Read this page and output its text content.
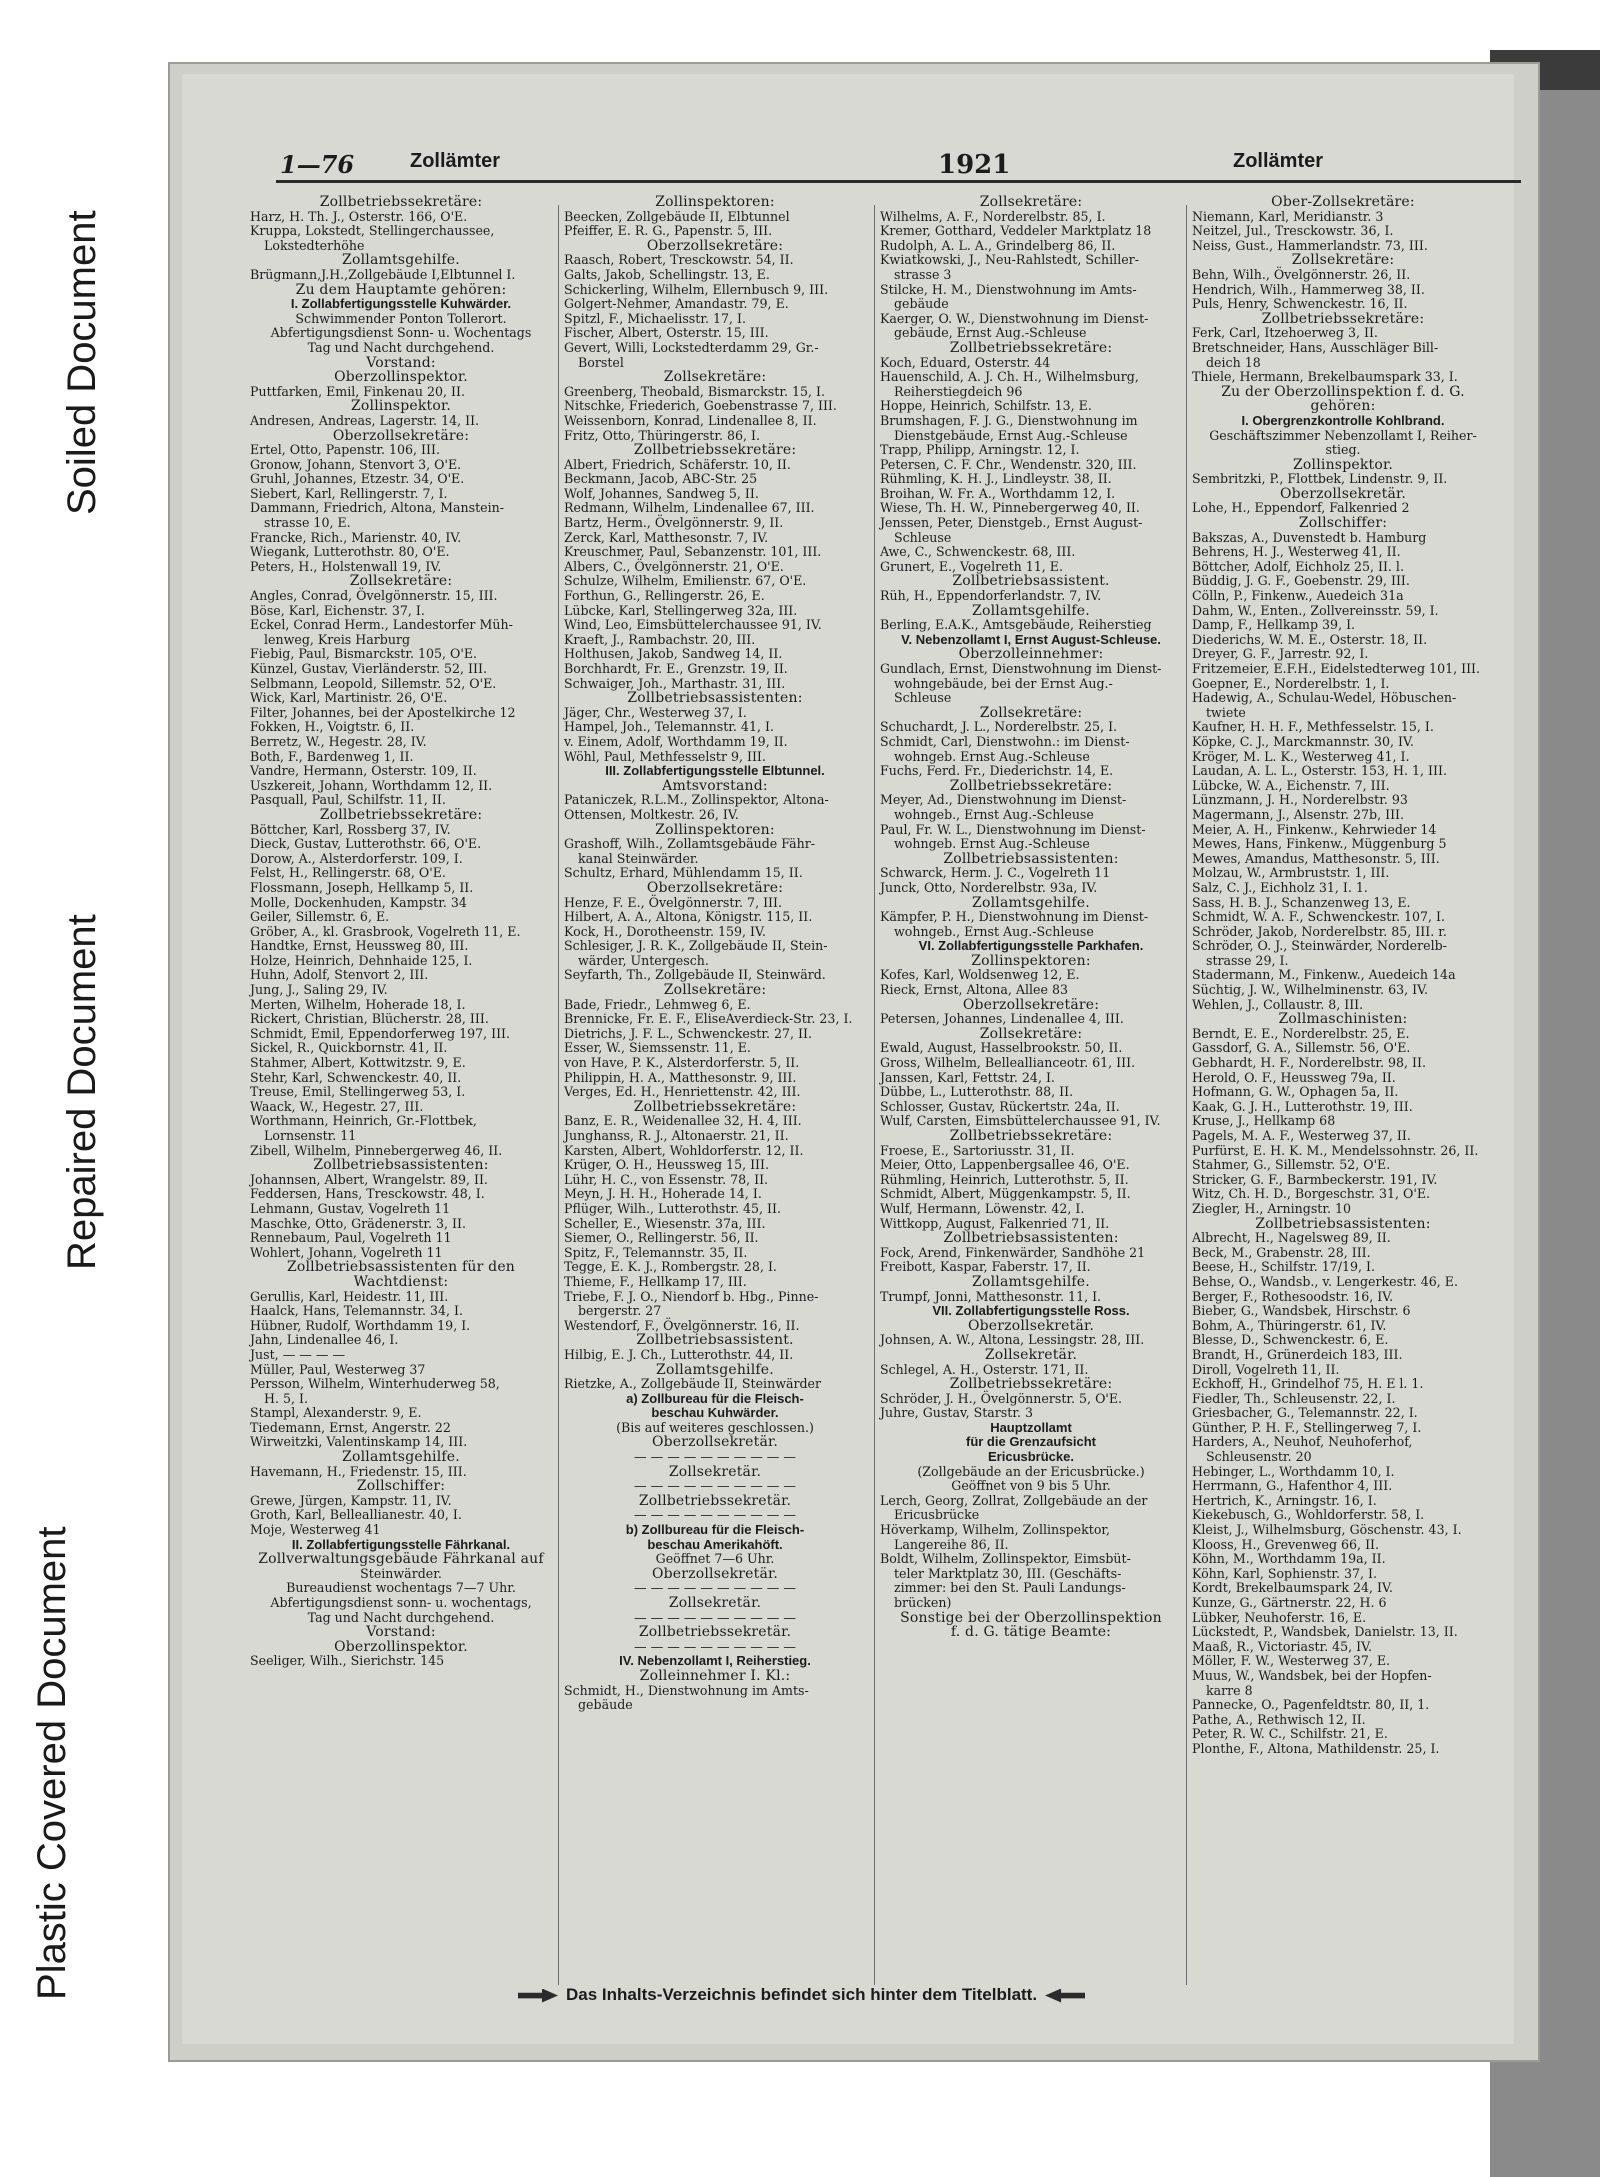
Soiled Document
Repaired Document
Plastic Covered Document
1—76	Zollämter	1921	Zollämter

Zollbetriebssekretäre:

Harz, H. Th. J., Osterstr. 166, O'E.

Kruppa, Lokstedt, Stellingerchaussee,

Lokstedterhöhe

Zollamtsgehilfe.

Brügmann,J.H.,Zollgebäude I,Elbtunnel I.

Zu dem Hauptamte gehören:

I. Zollabfertigungsstelle Kuhwärder.

Schwimmender Ponton Tollerort.

Abfertigungsdienst Sonn- u. Wochentags

Tag und Nacht durchgehend.

Vorstand:

Oberzollinspektor.

Puttfarken, Emil, Finkenau 20, II.

Zollinspektor.

Andresen, Andreas, Lagerstr. 14, II.

Oberzollsekretäre:

Ertel, Otto, Papenstr. 106, III.

Gronow, Johann, Stenvort 3, O'E.

Gruhl, Johannes, Etzestr. 34, O'E.

Siebert, Karl, Rellingerstr. 7, I.

Dammann, Friedrich, Altona, Manstein-

strasse 10, E.

Francke, Rich., Marienstr. 40, IV.

Wiegank, Lutterothstr. 80, O'E.

Peters, H., Holstenwall 19, IV.

Zollsekretäre:

Angles, Conrad, Övelgönnerstr. 15, III.

Böse, Karl, Eichenstr. 37, I.

Eckel, Conrad Herm., Landestorfer Müh-

lenweg, Kreis Harburg

Fiebig, Paul, Bismarckstr. 105, O'E.

Künzel, Gustav, Vierländerstr. 52, III.

Selbmann, Leopold, Sillemstr. 52, O'E.

Wick, Karl, Martinistr. 26, O'E.

Filter, Johannes, bei der Apostelkirche 12

Fokken, H., Voigtstr. 6, II.

Berretz, W., Hegestr. 28, IV.

Both, F., Bardenweg 1, II.

Vandre, Hermann, Osterstr. 109, II.

Uszkereit, Johann, Worthdamm 12, II.

Pasquall, Paul, Schilfstr. 11, II.

Zollbetriebssekretäre:

Böttcher, Karl, Rossberg 37, IV.

Dieck, Gustav, Lutterothstr. 66, O'E.

Dorow, A., Alsterdorferstr. 109, I.

Felst, H., Rellingerstr. 68, O'E.

Flossmann, Joseph, Hellkamp 5, II.

Molle, Dockenhuden, Kampstr. 34

Geiler, Sillemstr. 6, E.

Gröber, A., kl. Grasbrook, Vogelreth 11, E.

Handtke, Ernst, Heussweg 80, III.

Holze, Heinrich, Dehnhaide 125, I.

Huhn, Adolf, Stenvort 2, III.

Jung, J., Saling 29, IV.

Merten, Wilhelm, Hoherade 18, I.

Rickert, Christian, Blücherstr. 28, III.

Schmidt, Emil, Eppendorferweg 197, III.

Sickel, R., Quickbornstr. 41, II.

Stahmer, Albert, Kottwitzstr. 9, E.

Stehr, Karl, Schwenckestr. 40, II.

Treuse, Emil, Stellingerweg 53, I.

Waack, W., Hegestr. 27, III.

Worthmann, Heinrich, Gr.-Flottbek,

Lornsenstr. 11

Zibell, Wilhelm, Pinnebergerweg 46, II.

Zollbetriebsassistenten:

Johannsen, Albert, Wrangelstr. 89, II.

Feddersen, Hans, Tresckowstr. 48, I.

Lehmann, Gustav, Vogelreth 11

Maschke, Otto, Grädenerstr. 3, II.

Rennebaum, Paul, Vogelreth 11

Wohlert, Johann, Vogelreth 11

Zollbetriebsassistenten für den

Wachtdienst:

Gerullis, Karl, Heidestr. 11, III.

Haalck, Hans, Telemannstr. 34, I.

Hübner, Rudolf, Worthdamm 19, I.

Jahn, Lindenallee 46, I.

Just, — — — —

Müller, Paul, Westerweg 37

Persson, Wilhelm, Winterhuderweg 58,

H. 5, I.

Stampl, Alexanderstr. 9, E.

Tiedemann, Ernst, Angerstr. 22

Wirweitzki, Valentinskamp 14, III.

Zollamtsgehilfe.

Havemann, H., Friedenstr. 15, III.

Zollschiffer:

Grewe, Jürgen, Kampstr. 11, IV.

Groth, Karl, Belleallianestr. 40, I.

Moje, Westerweg 41

II. Zollabfertigungsstelle Fährkanal.

Zollverwaltungsgebäude Fährkanal auf

Steinwärder.

Bureaudienst wochentags 7—7 Uhr.

Abfertigungsdienst sonn- u. wochentags,

Tag und Nacht durchgehend.

Vorstand:

Oberzollinspektor.

Seeliger, Wilh., Sierichstr. 145

Zollinspektoren:

Beecken, Zollgebäude II, Elbtunnel

Pfeiffer, E. R. G., Papenstr. 5, III.

Oberzollsekretäre:

Raasch, Robert, Tresckowstr. 54, II.

Galts, Jakob, Schellingstr. 13, E.

Schickerling, Wilhelm, Ellernbusch 9, III.

Golgert-Nehmer, Amandastr. 79, E.

Spitzl, F., Michaelisstr. 17, I.

Fischer, Albert, Osterstr. 15, III.

Gevert, Willi, Lockstedterdamm 29, Gr.-

Borstel

Zollsekretäre:

Greenberg, Theobald, Bismarckstr. 15, I.

Nitschke, Friederich, Goebenstrasse 7, III.

Weissenborn, Konrad, Lindenallee 8, II.

Fritz, Otto, Thüringerstr. 86, I.

Zollbetriebssekretäre:

Albert, Friedrich, Schäferstr. 10, II.

Beckmann, Jacob, ABC-Str. 25

Wolf, Johannes, Sandweg 5, II.

Redmann, Wilhelm, Lindenallee 67, III.

Bartz, Herm., Övelgönnerstr. 9, II.

Zerck, Karl, Matthesonstr. 7, IV.

Kreuschmer, Paul, Sebanzenstr. 101, III.

Albers, C., Övelgönnerstr. 21, O'E.

Schulze, Wilhelm, Emilienstr. 67, O'E.

Forthun, G., Rellingerstr. 26, E.

Lübcke, Karl, Stellingerweg 32a, III.

Wind, Leo, Eimsbüttelerchaussee 91, IV.

Kraeft, J., Rambachstr. 20, III.

Holthusen, Jakob, Sandweg 14, II.

Borchhardt, Fr. E., Grenzstr. 19, II.

Schwaiger, Joh., Marthastr. 31, III.

Zollbetriebsassistenten:

Jäger, Chr., Westerweg 37, I.

Hampel, Joh., Telemannstr. 41, I.

v. Einem, Adolf, Worthdamm 19, II.

Wöhl, Paul, Methfesselstr 9, III.

III. Zollabfertigungsstelle Elbtunnel.

Amtsvorstand:

Pataniczek, R.L.M., Zollinspektor, Altona-

Ottensen, Moltkestr. 26, IV.

Zollinspektoren:

Grashoff, Wilh., Zollamtsgebäude Fähr-

kanal Steinwärder.

Schultz, Erhard, Mühlendamm 15, II.

Oberzollsekretäre:

Henze, F. E., Övelgönnerstr. 7, III.

Hilbert, A. A., Altona, Königstr. 115, II.

Kock, H., Dorotheenstr. 159, IV.

Schlesiger, J. R. K., Zollgebäude II, Stein-

wärder, Untergesch.

Seyfarth, Th., Zollgebäude II, Steinwärd.

Zollsekretäre:

Bade, Friedr., Lehmweg 6, E.

Brennicke, Fr. E. F., EliseAverdieck-Str. 23, I.

Dietrichs, J. F. L., Schwenckestr. 27, II.

Esser, W., Siemssenstr. 11, E.

von Have, P. K., Alsterdorferstr. 5, II.

Philippin, H. A., Matthesonstr. 9, III.

Verges, Ed. H., Henriettenstr. 42, III.

Zollbetriebssekretäre:

Banz, E. R., Weidenallee 32, H. 4, III.

Junghanss, R. J., Altonaerstr. 21, II.

Karsten, Albert, Wohldorferstr. 12, II.

Krüger, O. H., Heussweg 15, III.

Lühr, H. C., von Essenstr. 78, II.

Meyn, J. H. H., Hoherade 14, I.

Pflüger, Wilh., Lutterothstr. 45, II.

Scheller, E., Wiesenstr. 37a, III.

Siemer, O., Rellingerstr. 56, II.

Spitz, F., Telemannstr. 35, II.

Tegge, E. K. J., Rombergstr. 28, I.

Thieme, F., Hellkamp 17, III.

Triebe, F. J. O., Niendorf b. Hbg., Pinne-

bergerstr. 27

Westendorf, F., Övelgönnerstr. 16, II.

Zollbetriebsassistent.

Hilbig, E. J. Ch., Lutterothstr. 44, II.

Zollamtsgehilfe.

Rietzke, A., Zollgebäude II, Steinwärder

a) Zollbureau für die Fleisch-

beschau Kuhwärder.

(Bis auf weiteres geschlossen.)

Oberzollsekretär.

— — — — — — — — — —

Zollsekretär.

— — — — — — — — — —

Zollbetriebssekretär.

— — — — — — — — — —

b) Zollbureau für die Fleisch-

beschau Amerikahöft.

Geöffnet 7—6 Uhr.

Oberzollsekretär.

— — — — — — — — — —

Zollsekretär.

— — — — — — — — — —

Zollbetriebssekretär.

— — — — — — — — — —

IV. Nebenzollamt I, Reiherstieg.

Zolleinnehmer I. Kl.:

Schmidt, H., Dienstwohnung im Amts-

gebäude

Zollsekretäre:

Wilhelms, A. F., Norderelbstr. 85, I.

Kremer, Gotthard, Veddeler Marktplatz 18

Rudolph, A. L. A., Grindelberg 86, II.

Kwiatkowski, J., Neu-Rahlstedt, Schiller-

strasse 3

Stilcke, H. M., Dienstwohnung im Amts-

gebäude

Kaerger, O. W., Dienstwohnung im Dienst-

gebäude, Ernst Aug.-Schleuse

Zollbetriebssekretäre:

Koch, Eduard, Osterstr. 44

Hauenschild, A. J. Ch. H., Wilhelmsburg,

Reiherstiegdeich 96

Hoppe, Heinrich, Schilfstr. 13, E.

Brumshagen, F. J. G., Dienstwohnung im

Dienstgebäude, Ernst Aug.-Schleuse

Trapp, Philipp, Arningstr. 12, I.

Petersen, C. F. Chr., Wendenstr. 320, III.

Rühmling, K. H. J., Lindleystr. 38, II.

Broihan, W. Fr. A., Worthdamm 12, I.

Wiese, Th. H. W., Pinnebergerweg 40, II.

Jenssen, Peter, Dienstgeb., Ernst August-

Schleuse

Awe, C., Schwenckestr. 68, III.

Grunert, E., Vogelreth 11, E.

Zollbetriebsassistent.

Rüh, H., Eppendorferlandstr. 7, IV.

Zollamtsgehilfe.

Berling, E.A.K., Amtsgebäude, Reiherstieg

V. Nebenzollamt I, Ernst August-Schleuse.

Oberzolleinnehmer:

Gundlach, Ernst, Dienstwohnung im Dienst-

wohngebäude, bei der Ernst Aug.-

Schleuse

Zollsekretäre:

Schuchardt, J. L., Norderelbstr. 25, I.

Schmidt, Carl, Dienstwohn.: im Dienst-

wohngeb. Ernst Aug.-Schleuse

Fuchs, Ferd. Fr., Diederichstr. 14, E.

Zollbetriebssekretäre:

Meyer, Ad., Dienstwohnung im Dienst-

wohngeb., Ernst Aug.-Schleuse

Paul, Fr. W. L., Dienstwohnung im Dienst-

wohngeb. Ernst Aug.-Schleuse

Zollbetriebsassistenten:

Schwarck, Herm. J. C., Vogelreth 11

Junck, Otto, Norderelbstr. 93a, IV.

Zollamtsgehilfe.

Kämpfer, P. H., Dienstwohnung im Dienst-

wohngeb., Ernst Aug.-Schleuse

VI. Zollabfertigungsstelle Parkhafen.

Zollinspektoren:

Kofes, Karl, Woldsenweg 12, E.

Rieck, Ernst, Altona, Allee 83

Oberzollsekretäre:

Petersen, Johannes, Lindenallee 4, III.

Zollsekretäre:

Ewald, August, Hasselbrookstr. 50, II.

Gross, Wilhelm, Belleallianceotr. 61, III.

Janssen, Karl, Fettstr. 24, I.

Dübbe, L., Lutterothstr. 88, II.

Schlosser, Gustav, Rückertstr. 24a, II.

Wulf, Carsten, Eimsbüttelerchaussee 91, IV.

Zollbetriebssekretäre:

Froese, E., Sartoriusstr. 31, II.

Meier, Otto, Lappenbergsallee 46, O'E.

Rühmling, Heinrich, Lutterothstr. 5, II.

Schmidt, Albert, Müggenkampstr. 5, II.

Wulf, Hermann, Löwenstr. 42, I.

Wittkopp, August, Falkenried 71, II.

Zollbetriebsassistenten:

Fock, Arend, Finkenwärder, Sandhöhe 21

Freibott, Kaspar, Faberstr. 17, II.

Zollamtsgehilfe.

Trumpf, Jonni, Matthesonstr. 11, I.

VII. Zollabfertigungsstelle Ross.

Oberzollsekretär.

Johnsen, A. W., Altona, Lessingstr. 28, III.

Zollsekretär.

Schlegel, A. H., Osterstr. 171, II.

Zollbetriebssekretäre:

Schröder, J. H., Övelgönnerstr. 5, O'E.

Juhre, Gustav, Starstr. 3

Hauptzollamt

für die Grenzaufsicht

Ericusbrücke.

(Zollgebäude an der Ericusbrücke.)

Geöffnet von 9 bis 5 Uhr.

Lerch, Georg, Zollrat, Zollgebäude an der

Ericusbrücke

Höverkamp, Wilhelm, Zollinspektor,

Langereihe 86, II.

Boldt, Wilhelm, Zollinspektor, Eimsbüt-

teler Marktplatz 30, III. (Geschäfts-

zimmer: bei den St. Pauli Landungs-

brücken)

Sonstige bei der Oberzollinspektion

f. d. G. tätige Beamte:

Ober-Zollsekretäre:

Niemann, Karl, Meridianstr. 3

Neitzel, Jul., Tresckowstr. 36, I.

Neiss, Gust., Hammerlandstr. 73, III.

Zollsekretäre:

Behn, Wilh., Övelgönnerstr. 26, II.

Hendrich, Wilh., Hammerweg 38, II.

Puls, Henry, Schwenckestr. 16, II.

Zollbetriebssekretäre:

Ferk, Carl, Itzehoerweg 3, II.

Bretschneider, Hans, Ausschläger Bill-

deich 18

Thiele, Hermann, Brekelbaumspark 33, I.

Zu der Oberzollinspektion f. d. G.

gehören:

I. Obergrenzkontrolle Kohlbrand.

Geschäftszimmer Nebenzollamt I, Reiher-

stieg.

Zollinspektor.

Sembritzki, P., Flottbek, Lindenstr. 9, II.

Oberzollsekretär.

Lohe, H., Eppendorf, Falkenried 2

Zollschiffer:

Bakszas, A., Duvenstedt b. Hamburg

Behrens, H. J., Westerweg 41, II.

Böttcher, Adolf, Eichholz 25, II. l.

Büddig, J. G. F., Goebenstr. 29, III.

Cölln, P., Finkenw., Auedeich 31a

Dahm, W., Enten., Zollvereinsstr. 59, I.

Damp, F., Hellkamp 39, I.

Diederichs, W. M. E., Osterstr. 18, II.

Dreyer, G. F., Jarrestr. 92, I.

Fritzemeier, E.F.H., Eidelstedterweg 101, III.

Goepner, E., Norderelbstr. 1, I.

Hadewig, A., Schulau-Wedel, Höbuschen-

twiete

Kaufner, H. H. F., Methfesselstr. 15, I.

Köpke, C. J., Marckmannstr. 30, IV.

Kröger, M. L. K., Westerweg 41, I.

Laudan, A. L. L., Osterstr. 153, H. 1, III.

Lübcke, W. A., Eichenstr. 7, III.

Lünzmann, J. H., Norderelbstr. 93

Magermann, J., Alsenstr. 27b, III.

Meier, A. H., Finkenw., Kehrwieder 14

Mewes, Hans, Finkenw., Müggenburg 5

Mewes, Amandus, Matthesonstr. 5, III.

Molzau, W., Armbruststr. 1, III.

Salz, C. J., Eichholz 31, I. 1.

Sass, H. B. J., Schanzenweg 13, E.

Schmidt, W. A. F., Schwenckestr. 107, I.

Schröder, Jakob, Norderelbstr. 85, III. r.

Schröder, O. J., Steinwärder, Norderelb-

strasse 29, I.

Stadermann, M., Finkenw., Auedeich 14a

Süchtig, J. W., Wilhelminenstr. 63, IV.

Wehlen, J., Collaustr. 8, III.

Zollmaschinisten:

Berndt, E. E., Norderelbstr. 25, E.

Gassdorf, G. A., Sillemstr. 56, O'E.

Gebhardt, H. F., Norderelbstr. 98, II.

Herold, O. F., Heussweg 79a, II.

Hofmann, G. W., Ophagen 5a, II.

Kaak, G. J. H., Lutterothstr. 19, III.

Kruse, J., Hellkamp 68

Pagels, M. A. F., Westerweg 37, II.

Purfürst, E. H. K. M., Mendelssohnstr. 26, II.

Stahmer, G., Sillemstr. 52, O'E.

Stricker, G. F., Barmbeckerstr. 191, IV.

Witz, Ch. H. D., Borgeschstr. 31, O'E.

Ziegler, H., Arningstr. 10

Zollbetriebsassistenten:

Albrecht, H., Nagelsweg 89, II.

Beck, M., Grabenstr. 28, III.

Beese, H., Schilfstr. 17/19, I.

Behse, O., Wandsb., v. Lengerkestr. 46, E.

Berger, F., Rothesoodstr. 16, IV.

Bieber, G., Wandsbek, Hirschstr. 6

Bohm, A., Thüringerstr. 61, IV.

Blesse, D., Schwenckestr. 6, E.

Brandt, H., Grünerdeich 183, III.

Diroll, Vogelreth 11, II.

Eckhoff, H., Grindelhof 75, H. E l. 1.

Fiedler, Th., Schleusenstr. 22, I.

Griesbacher, G., Telemannstr. 22, I.

Günther, P. H. F., Stellingerweg 7, I.

Harders, A., Neuhof, Neuhoferhof,

Schleusenstr. 20

Hebinger, L., Worthdamm 10, I.

Herrmann, G., Hafenthor 4, III.

Hertrich, K., Arningstr. 16, I.

Kiekebusch, G., Wohldorferstr. 58, I.

Kleist, J., Wilhelmsburg, Göschenstr. 43, I.

Klooss, H., Grevenweg 66, II.

Köhn, M., Worthdamm 19a, II.

Köhn, Karl, Sophienstr. 37, I.

Kordt, Brekelbaumspark 24, IV.

Kunze, G., Gärtnerstr. 22, H. 6

Lübker, Neuhoferstr. 16, E.

Lückstedt, P., Wandsbek, Danielstr. 13, II.

Maaß, R., Victoriastr. 45, IV.

Möller, F. W., Westerweg 37, E.

Muus, W., Wandsbek, bei der Hopfen-

karre 8

Pannecke, O., Pagenfeldtstr. 80, II, 1.

Pathe, A., Rethwisch 12, II.

Peter, R. W. C., Schilfstr. 21, E.

Plonthe, F., Altona, Mathildenstr. 25, I.

Das Inhalts-Verzeichnis befindet sich hinter dem Titelblatt.
